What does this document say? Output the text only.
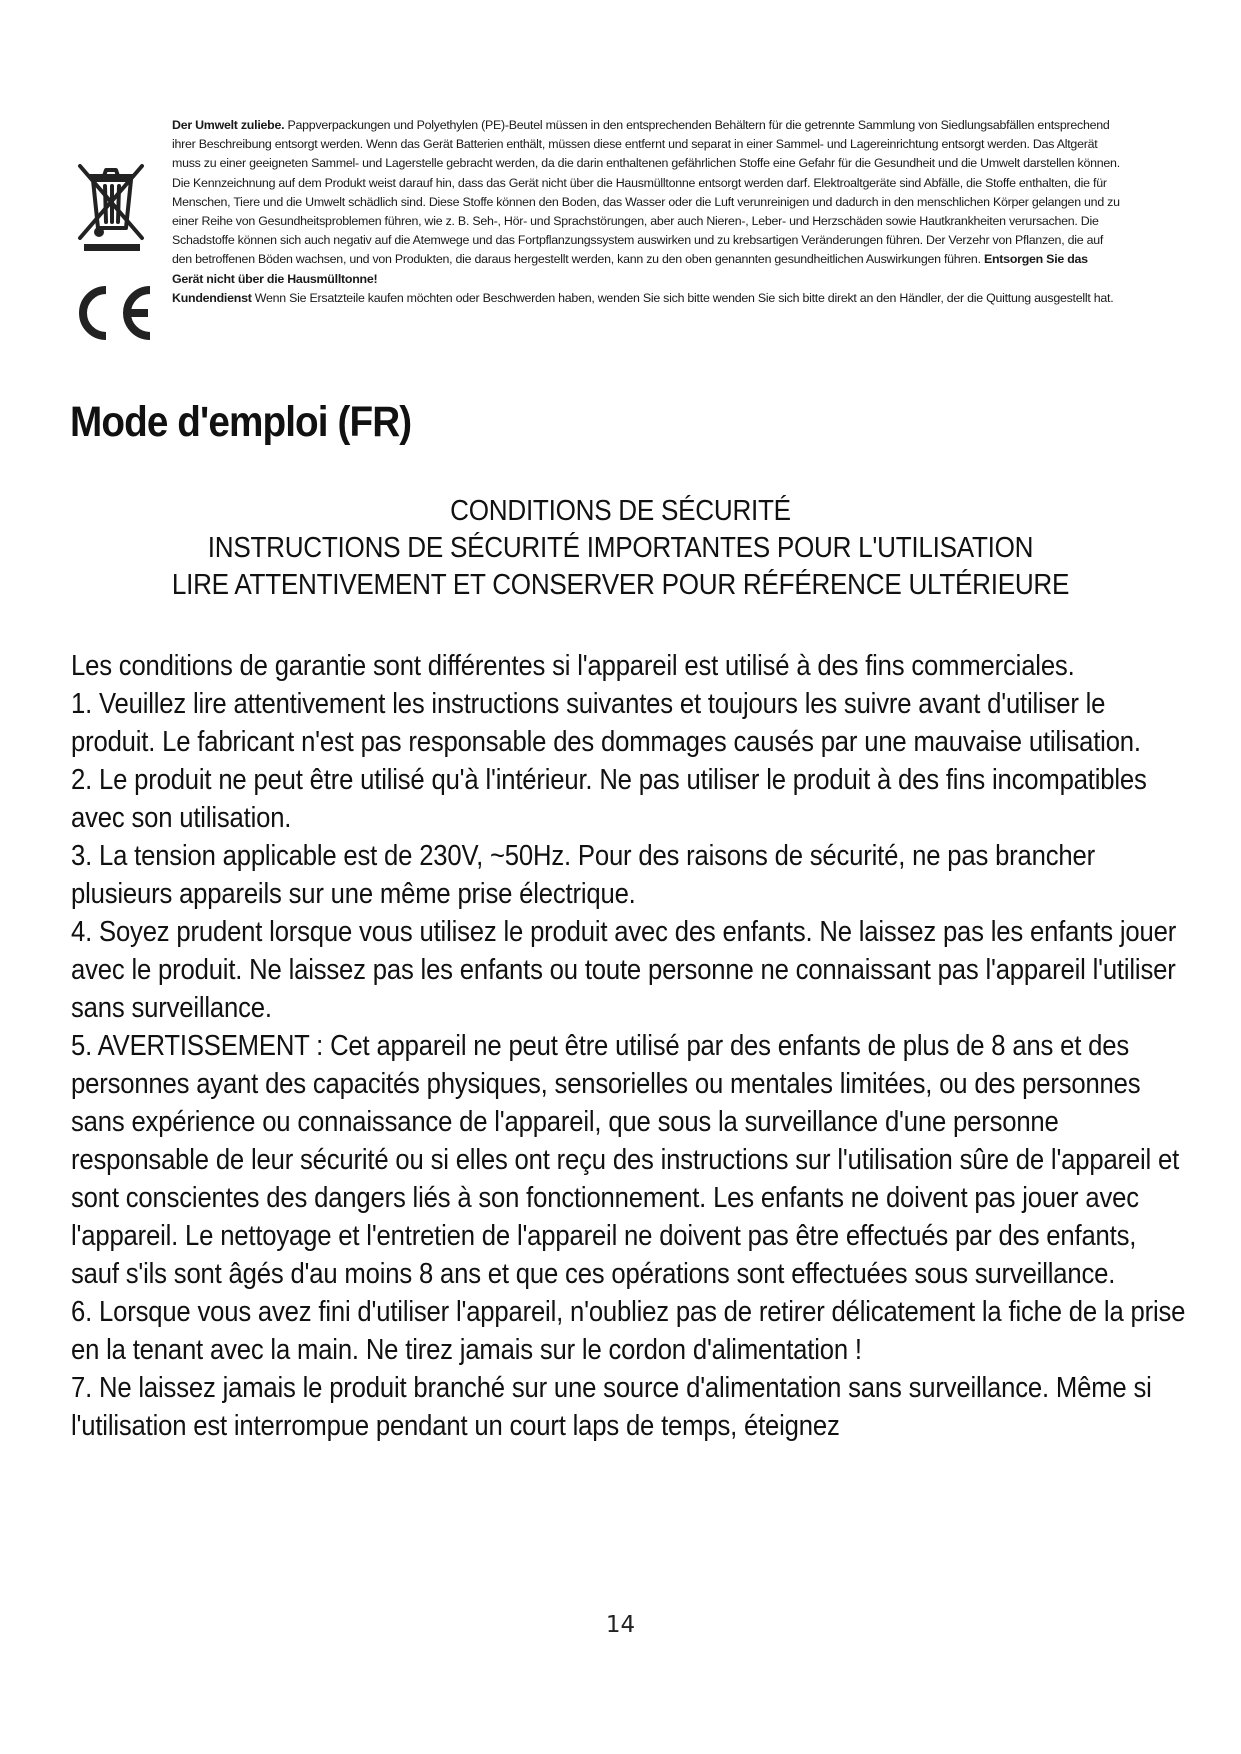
Der Umwelt zuliebe. Pappverpackungen und Polyethylen (PE)-Beutel müssen in den entsprechenden Behältern für die getrennte Sammlung von Siedlungsabfällen entsprechend ihrer Beschreibung entsorgt werden. Wenn das Gerät Batterien enthält, müssen diese entfernt und separat in einer Sammel- und Lagereinrichtung entsorgt werden. Das Altgerät muss zu einer geeigneten Sammel- und Lagerstelle gebracht werden, da die darin enthaltenen gefährlichen Stoffe eine Gefahr für die Gesundheit und die Umwelt darstellen können. Die Kennzeichnung auf dem Produkt weist darauf hin, dass das Gerät nicht über die Hausmülltonne entsorgt werden darf. Elektroaltgeräte sind Abfälle, die Stoffe enthalten, die für Menschen, Tiere und die Umwelt schädlich sind. Diese Stoffe können den Boden, das Wasser oder die Luft verunreinigen und dadurch in den menschlichen Körper gelangen und zu einer Reihe von Gesundheitsproblemen führen, wie z. B. Seh-, Hör- und Sprachstörungen, aber auch Nieren-, Leber- und Herzschäden sowie Hautkrankheiten verursachen. Die Schadstoffe können sich auch negativ auf die Atemwege und das Fortpflanzungssystem auswirken und zu krebsartigen Veränderungen führen. Der Verzehr von Pflanzen, die auf den betroffenen Böden wachsen, und von Produkten, die daraus hergestellt werden, kann zu den oben genannten gesundheitlichen Auswirkungen führen. Entsorgen Sie das Gerät nicht über die Hausmülltonne!
Kundendienst Wenn Sie Ersatzteile kaufen möchten oder Beschwerden haben, wenden Sie sich bitte wenden Sie sich bitte direkt an den Händler, der die Quittung ausgestellt hat.
Mode d'emploi (FR)
CONDITIONS DE SÉCURITÉ
INSTRUCTIONS DE SÉCURITÉ IMPORTANTES POUR L'UTILISATION
LIRE ATTENTIVEMENT ET CONSERVER POUR RÉFÉRENCE ULTÉRIEURE

Les conditions de garantie sont différentes si l'appareil est utilisé à des fins commerciales.

1. Veuillez lire attentivement les instructions suivantes et toujours les suivre avant d'utiliser le produit. Le fabricant n'est pas responsable des dommages causés par une mauvaise utilisation.

2. Le produit ne peut être utilisé qu'à l'intérieur. Ne pas utiliser le produit à des fins incompatibles avec son utilisation.

3. La tension applicable est de 230V, ~50Hz. Pour des raisons de sécurité, ne pas brancher plusieurs appareils sur une même prise électrique.

4. Soyez prudent lorsque vous utilisez le produit avec des enfants. Ne laissez pas les enfants jouer avec le produit. Ne laissez pas les enfants ou toute personne ne connaissant pas l'appareil l'utiliser sans surveillance.

5. AVERTISSEMENT : Cet appareil ne peut être utilisé par des enfants de plus de 8 ans et des personnes ayant des capacités physiques, sensorielles ou mentales limitées, ou des personnes sans expérience ou connaissance de l'appareil, que sous la surveillance d'une personne responsable de leur sécurité ou si elles ont reçu des instructions sur l'utilisation sûre de l'appareil et sont conscientes des dangers liés à son fonctionnement. Les enfants ne doivent pas jouer avec l'appareil. Le nettoyage et l'entretien de l'appareil ne doivent pas être effectués par des enfants, sauf s'ils sont âgés d'au moins 8 ans et que ces opérations sont effectuées sous surveillance.

6. Lorsque vous avez fini d'utiliser l'appareil, n'oubliez pas de retirer délicatement la fiche de la prise en la tenant avec la main. Ne tirez jamais sur le cordon d'alimentation !

7. Ne laissez jamais le produit branché sur une source d'alimentation sans surveillance. Même si l'utilisation est interrompue pendant un court laps de temps, éteignez

14
